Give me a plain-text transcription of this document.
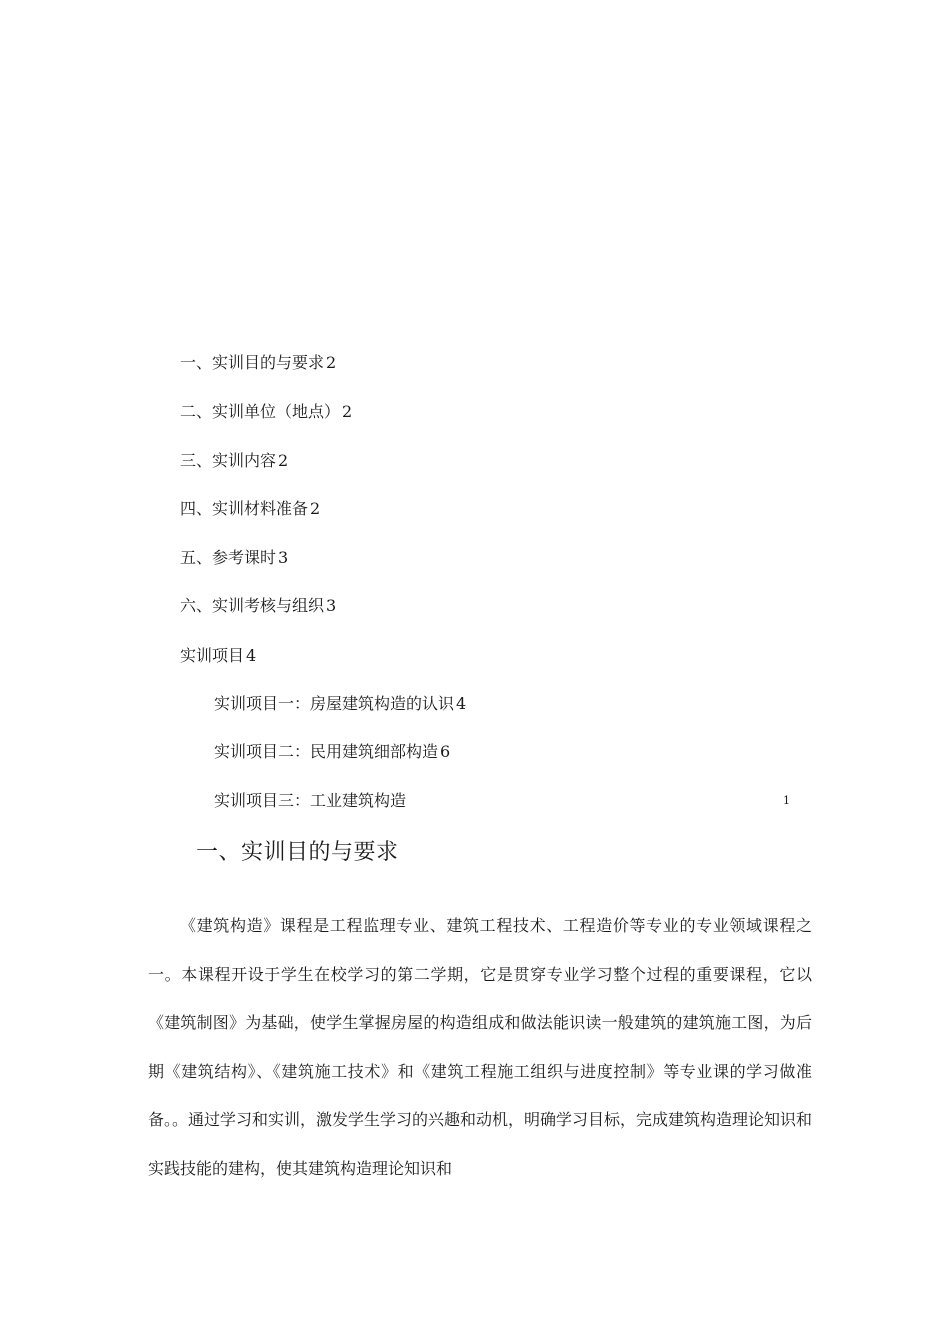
一、实训目的与要求 2
二、实训单位（地点） 2
三、实训内容 2
四、实训材料准备 2
五、参考课时 3
六、实训考核与组织 3
实训项目 4
实训项目一：房屋建筑构造的认识 4
实训项目二：民用建筑细部构造 6
实训项目三：工业建筑构造	1
一、实训目的与要求

《建筑构造》课程是工程监理专业、建筑工程技术、工程造价等专业的专业领域课程之一。本课程开设于学生在校学习的第二学期，它是贯穿专业学习整个过程的重要课程，它以《建筑制图》为基础，使学生掌握房屋的构造组成和做法能识读一般建筑的建筑施工图，为后期《建筑结构》、《建筑施工技术》和《建筑工程施工组织与进度控制》等专业课的学习做准备。。通过学习和实训，激发学生学习的兴趣和动机，明确学习目标，完成建筑构造理论知识和实践技能的建构，使其建筑构造理论知识和
